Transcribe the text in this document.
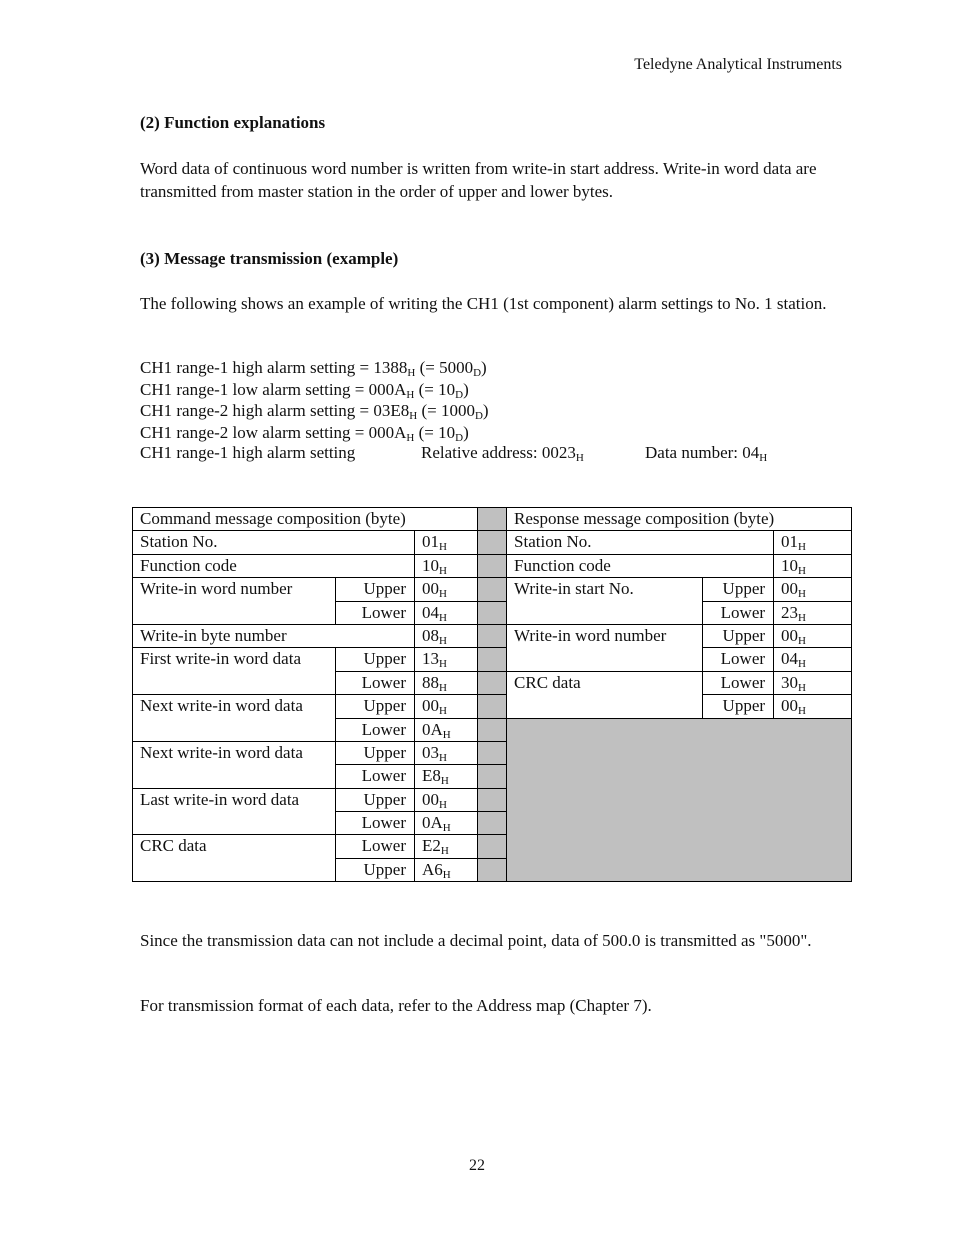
Teledyne Analytical Instruments
(2) Function explanations
Word data of continuous word number is written from write-in start address. Write-in word data are transmitted from master station in the order of upper and lower bytes.
(3) Message transmission (example)
The following shows an example of writing the CH1 (1st component) alarm settings to No. 1 station.
CH1 range-1 high alarm setting = $1388_H$ (= $5000_D$)
CH1 range-1 low alarm setting = $000A_H$ (= $10_D$)
CH1 range-2 high alarm setting = $03E8_H$ (= $1000_D$)
CH1 range-2 low alarm setting = $000A_H$ (= $10_D$)
CH1 range-1 high alarm setting	Relative address: $0023_H$	Data number: $04_H$
Command message composition (byte)				Response message composition (byte)		
Station No.		$01_H$		Station No.		$01_H$
Function code		$10_H$		Function code		$10_H$
Write-in word number	Upper	$00_H$		Write-in start No.	Upper	$00_H$
	Lower	$04_H$			Lower	$23_H$
Write-in byte number		$08_H$		Write-in word number	Upper	$00_H$
First write-in word data	Upper	$13_H$			Lower	$04_H$
	Lower	$88_H$		CRC data	Lower	$30_H$
Next write-in word data	Upper	$00_H$			Upper	$00_H$
	Lower	$0A_H$		
Next write-in word data	Upper	$03_H$	
	Lower	$E8_H$	
Last write-in word data	Upper	$00_H$	
	Lower	$0A_H$	
CRC data	Lower	$E2_H$	
	Upper	$A6_H$	
Since the transmission data can not include a decimal point, data of 500.0 is transmitted as "5000".
For transmission format of each data, refer to the Address map (Chapter 7).
22
